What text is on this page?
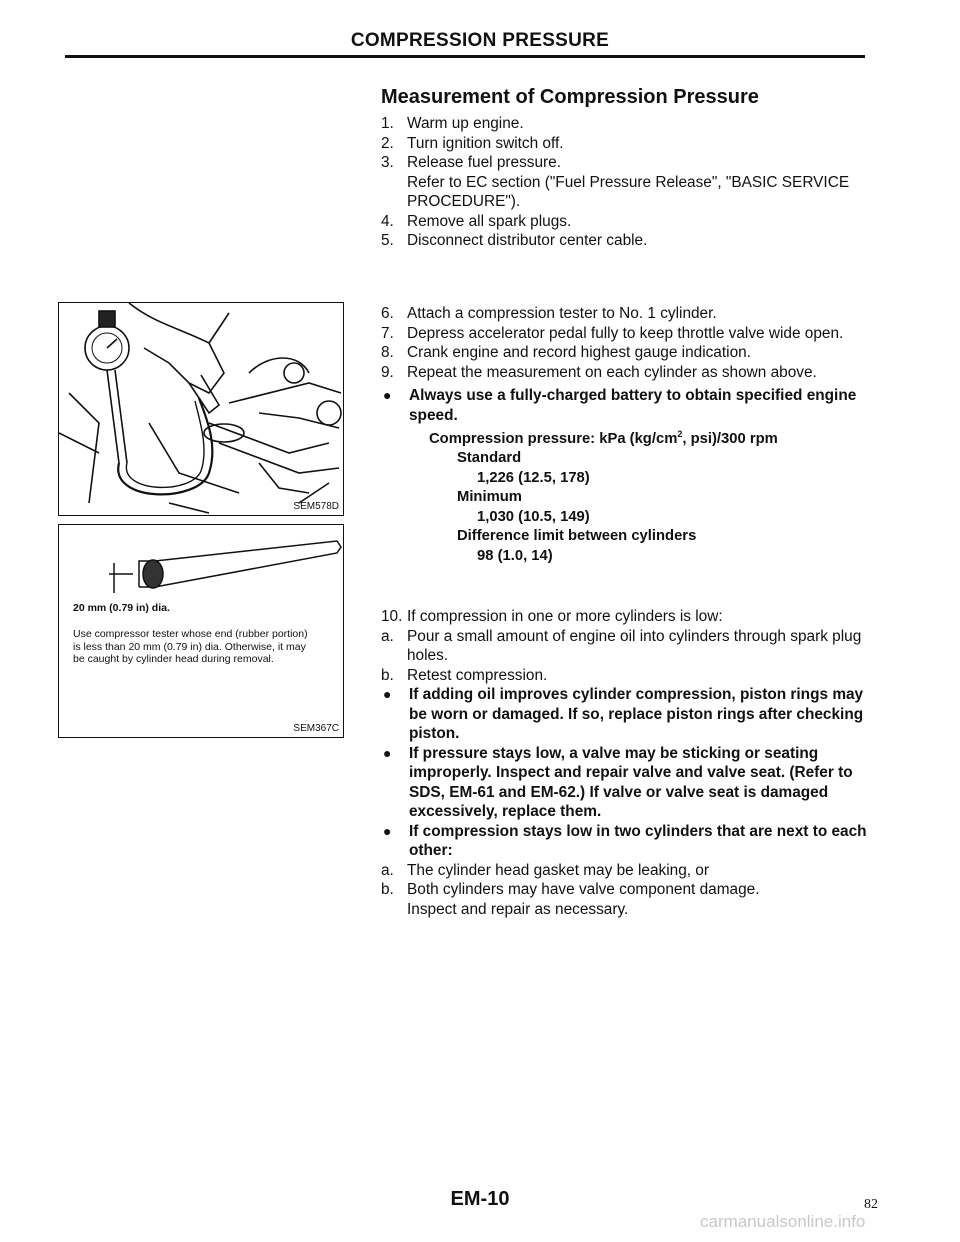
COMPRESSION PRESSURE
Measurement of Compression Pressure
1. Warm up engine.
2. Turn ignition switch off.
3. Release fuel pressure.
Refer to EC section ("Fuel Pressure Release", "BASIC SERVICE PROCEDURE").
4. Remove all spark plugs.
5. Disconnect distributor center cable.
6. Attach a compression tester to No. 1 cylinder.
7. Depress accelerator pedal fully to keep throttle valve wide open.
8. Crank engine and record highest gauge indication.
9. Repeat the measurement on each cylinder as shown above.
●	Always use a fully-charged battery to obtain specified engine speed.
Compression pressure: kPa ($kg/cm^2$, psi)/300 rpm
Standard
1,226 (12.5, 178)
Minimum
1,030 (10.5, 149)
Difference limit between cylinders
98 (1.0, 14)
10. If compression in one or more cylinders is low:
a. Pour a small amount of engine oil into cylinders through spark plug holes.
b. Retest compression.
●	If adding oil improves cylinder compression, piston rings may be worn or damaged. If so, replace piston rings after checking piston.
●	If pressure stays low, a valve may be sticking or seating improperly. Inspect and repair valve and valve seat. (Refer to SDS, EM-61 and EM-62.) If valve or valve seat is damaged excessively, replace them.
●	If compression stays low in two cylinders that are next to each other:
a. The cylinder head gasket may be leaking, or
b. Both cylinders may have valve component damage.
Inspect and repair as necessary.
SEM578D
20 mm (0.79 in) dia.
Use compressor tester whose end (rubber portion) is less than 20 mm (0.79 in) dia. Otherwise, it may be caught by cylinder head during removal.
SEM367C
EM-10	82
carmanualsonline.info
